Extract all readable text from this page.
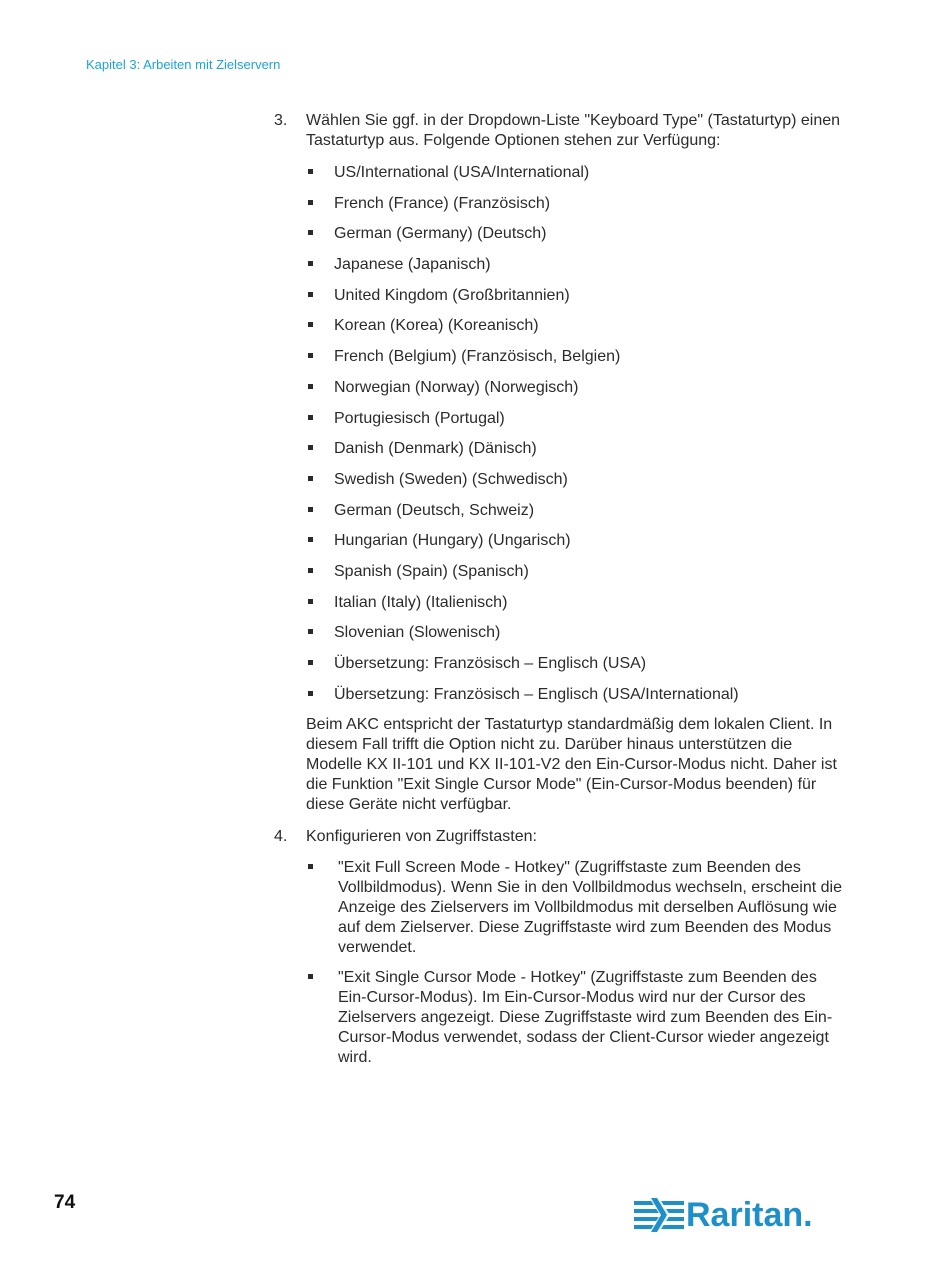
Kapitel 3: Arbeiten mit Zielservern
3.	Wählen Sie ggf. in der Dropdown-Liste "Keyboard Type" (Tastaturtyp) einen Tastaturtyp aus. Folgende Optionen stehen zur Verfügung:
US/International (USA/International)
French (France) (Französisch)
German (Germany) (Deutsch)
Japanese (Japanisch)
United Kingdom (Großbritannien)
Korean (Korea) (Koreanisch)
French (Belgium) (Französisch, Belgien)
Norwegian (Norway) (Norwegisch)
Portugiesisch (Portugal)
Danish (Denmark) (Dänisch)
Swedish (Sweden) (Schwedisch)
German (Deutsch, Schweiz)
Hungarian (Hungary) (Ungarisch)
Spanish (Spain) (Spanisch)
Italian (Italy) (Italienisch)
Slovenian (Slowenisch)
Übersetzung: Französisch – Englisch (USA)
Übersetzung: Französisch – Englisch (USA/International)
Beim AKC entspricht der Tastaturtyp standardmäßig dem lokalen Client. In diesem Fall trifft die Option nicht zu. Darüber hinaus unterstützen die Modelle KX II-101 und KX II-101-V2 den Ein-Cursor-Modus nicht. Daher ist die Funktion "Exit Single Cursor Mode" (Ein-Cursor-Modus beenden) für diese Geräte nicht verfügbar.
4.	Konfigurieren von Zugriffstasten:
"Exit Full Screen Mode - Hotkey" (Zugriffstaste zum Beenden des Vollbildmodus). Wenn Sie in den Vollbildmodus wechseln, erscheint die Anzeige des Zielservers im Vollbildmodus mit derselben Auflösung wie auf dem Zielserver. Diese Zugriffstaste wird zum Beenden des Modus verwendet.
"Exit Single Cursor Mode - Hotkey" (Zugriffstaste zum Beenden des Ein-Cursor-Modus). Im Ein-Cursor-Modus wird nur der Cursor des Zielservers angezeigt. Diese Zugriffstaste wird zum Beenden des Ein-Cursor-Modus verwendet, sodass der Client-Cursor wieder angezeigt wird.
74	Raritan.
